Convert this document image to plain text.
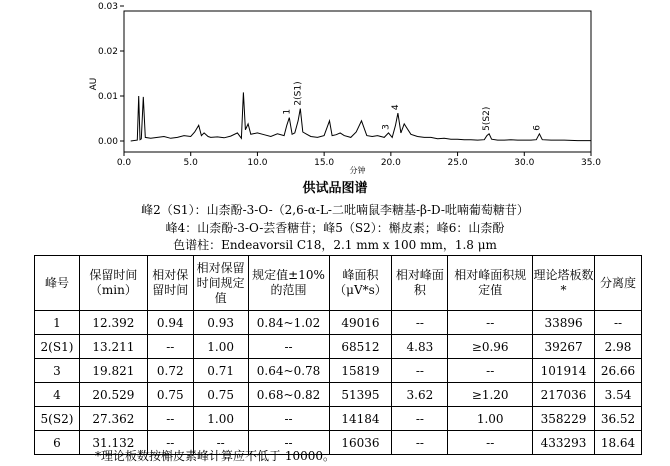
0.0	5.0	10.0	15.0	20.0	25.0	30.0	35.0
0.00
0.01
0.02
0.03
分钟
AU
1
2(S1)
3
4	5(S2)	6
供试品图谱
峰2（S1）：山柰酚-3-O-（2,6-α-L-二吡喃鼠李糖基-β-D-吡喃葡萄糖苷）
峰4：山柰酚-3-O-芸香糖苷；峰5（S2）：槲皮素；峰6：山柰酚
色谱柱：Endeavorsil C18，2.1 mm x 100 mm，1.8 μm
峰号	保留时间（min）	相对保留时间	相对保留时间规定值	规定值±10%的范围	峰面积（μV*s）	相对峰面积	相对峰面积规定值	理论塔板数*	分离度
1	12.392	0.94	0.93	0.84~1.02	49016	--	--	33896	--
2(S1)	13.211	--	1.00	--	68512	4.83	≥0.96	39267	2.98
3	19.821	0.72	0.71	0.64~0.78	15819	--	--	101914	26.66
4	20.529	0.75	0.75	0.68~0.82	51395	3.62	≥1.20	217036	3.54
5(S2)	27.362	--	1.00	--	14184	--	1.00	358229	36.52
6	31.132	--	--	--	16036	--	--	433293	18.64
*理论板数按槲皮素峰计算应不低于 10000。
